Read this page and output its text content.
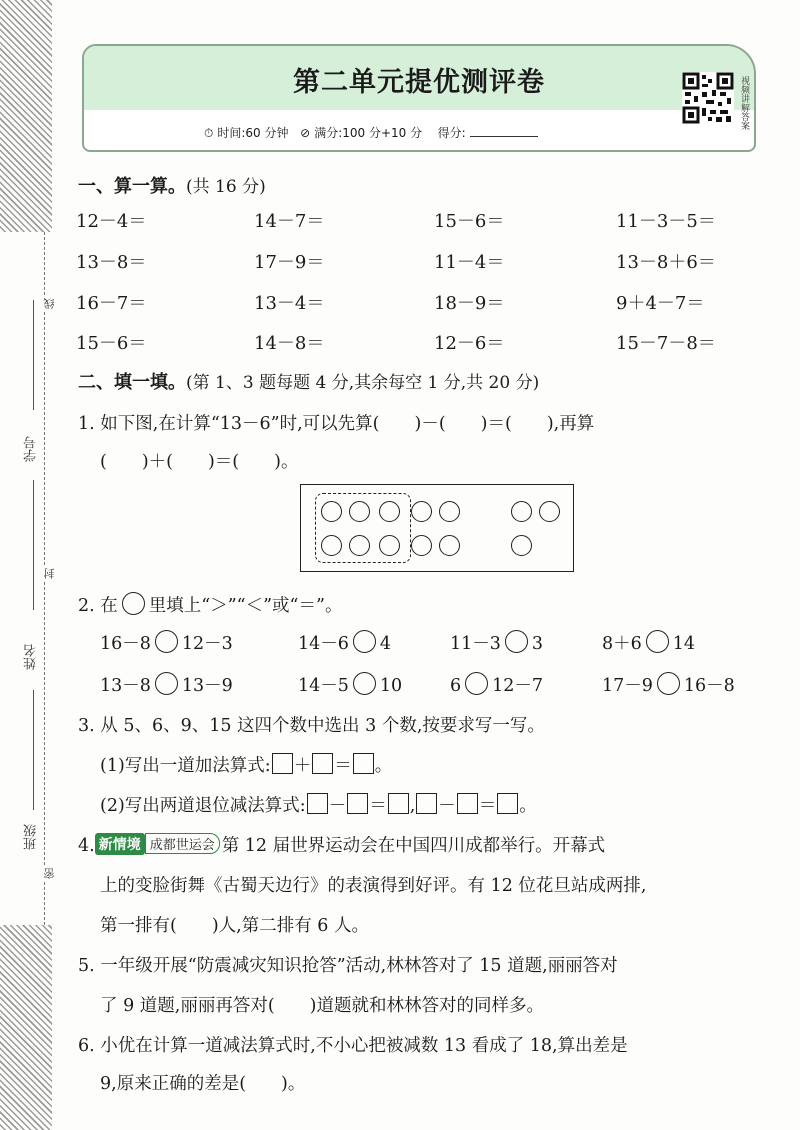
线
学号
封
姓名
班级
密
第二单元提优测评卷
⏱ 时间:60 分钟 ⊘ 满分:100 分+10 分 得分:
视频讲解答案
一、算一算。(共 16 分)
12－4＝	14－7＝	15－6＝	11－3－5＝
13－8＝	17－9＝	11－4＝	13－8＋6＝
16－7＝	13－4＝	18－9＝	9＋4－7＝
15－6＝	14－8＝	12－6＝	15－7－8＝
二、填一填。(第 1、3 题每题 4 分,其余每空 1 分,共 20 分)
1. 如下图,在计算“13－6”时,可以先算(　　)－(　　)＝(　　),再算
(　　)＋(　　)＝(　　)。
2. 在 里填上“＞”“＜”或“＝”。
16－8 12－3	14－6 4	11－3 3	8＋6 14
13－8 13－9	14－5 10	6 12－7	17－9 16－8
3. 从 5、6、9、15 这四个数中选出 3 个数,按要求写一写。
(1)写出一道加法算式: ＋ ＝ 。
(2)写出两道退位减法算式: － ＝ , － ＝ 。
4. 新情境 成都世运会 第 12 届世界运动会在中国四川成都举行。开幕式
上的变脸街舞《古蜀天边行》的表演得到好评。有 12 位花旦站成两排,
第一排有(　　)人,第二排有 6 人。
5. 一年级开展“防震减灾知识抢答”活动,林林答对了 15 道题,丽丽答对
了 9 道题,丽丽再答对(　　)道题就和林林答对的同样多。
6. 小优在计算一道减法算式时,不小心把被减数 13 看成了 18,算出差是
9,原来正确的差是(　　)。
